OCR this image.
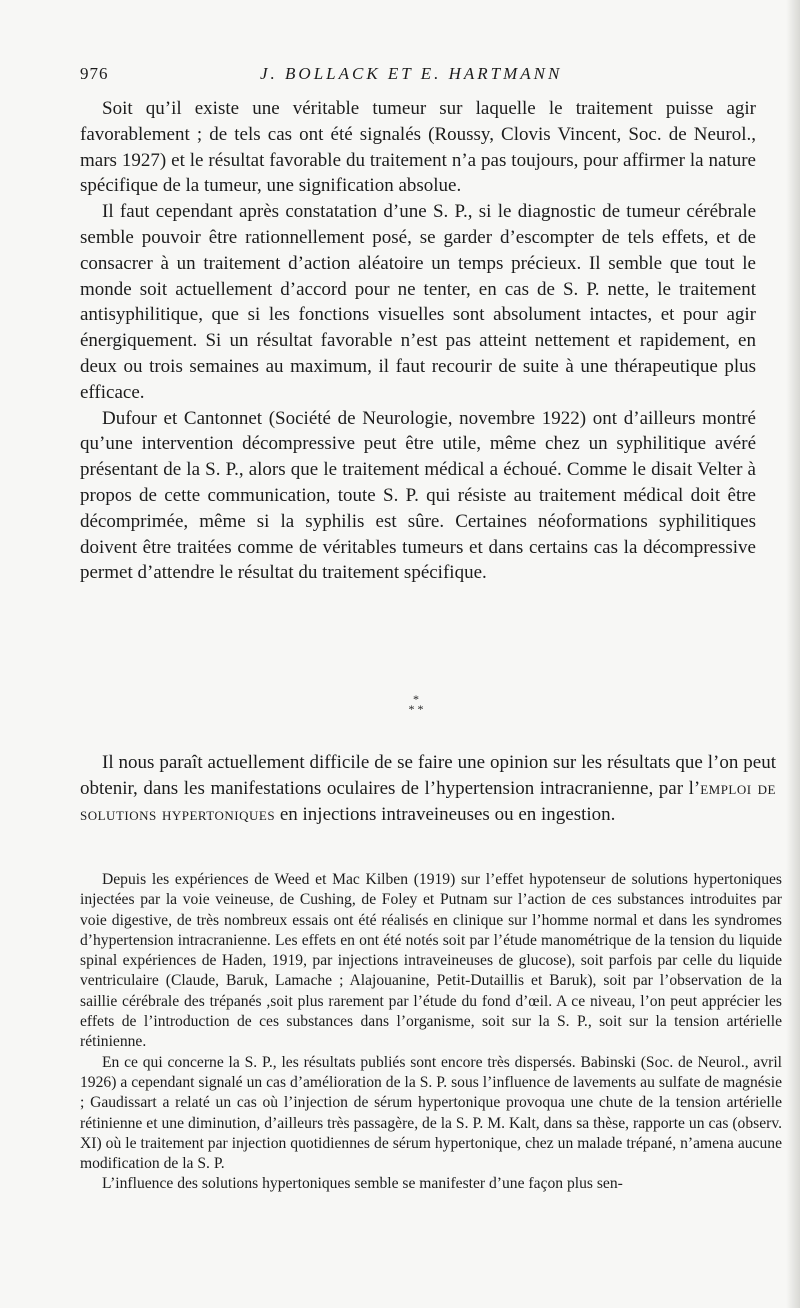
976	J. BOLLACK ET E. HARTMANN

Soit qu’il existe une véritable tumeur sur laquelle le traitement puisse agir favorablement ; de tels cas ont été signalés (Roussy, Clovis Vincent, Soc. de Neurol., mars 1927) et le résultat favorable du traitement n’a pas toujours, pour affirmer la nature spécifique de la tumeur, une signification absolue.

Il faut cependant après constatation d’une S. P., si le diagnostic de tumeur cérébrale semble pouvoir être rationnellement posé, se garder d’escompter de tels effets, et de consacrer à un traitement d’action aléatoire un temps précieux. Il semble que tout le monde soit actuellement d’accord pour ne tenter, en cas de S. P. nette, le traitement antisyphilitique, que si les fonctions visuelles sont absolument intactes, et pour agir énergiquement. Si un résultat favorable n’est pas atteint nettement et rapidement, en deux ou trois semaines au maximum, il faut recourir de suite à une thérapeutique plus efficace.

Dufour et Cantonnet (Société de Neurologie, novembre 1922) ont d’ailleurs montré qu’une intervention décompressive peut être utile, même chez un syphilitique avéré présentant de la S. P., alors que le traitement médical a échoué. Comme le disait Velter à propos de cette communication, toute S. P. qui résiste au traitement médical doit être décomprimée, même si la syphilis est sûre. Certaines néoformations syphilitiques doivent être traitées comme de véritables tumeurs et dans certains cas la décompressive permet d’attendre le résultat du traitement spécifique.

*
* *

Il nous paraît actuellement difficile de se faire une opinion sur les résultats que l’on peut obtenir, dans les manifestations oculaires de l’hypertension intracranienne, par l’emploi de solutions hypertoniques en injections intraveineuses ou en ingestion.

Depuis les expériences de Weed et Mac Kilben (1919) sur l’effet hypotenseur de solutions hypertoniques injectées par la voie veineuse, de Cushing, de Foley et Putnam sur l’action de ces substances introduites par voie digestive, de très nombreux essais ont été réalisés en clinique sur l’homme normal et dans les syndromes d’hypertension intracranienne. Les effets en ont été notés soit par l’étude manométrique de la tension du liquide spinal expériences de Haden, 1919, par injections intraveineuses de glucose), soit parfois par celle du liquide ventriculaire (Claude, Baruk, Lamache ; Alajouanine, Petit-Dutaillis et Baruk), soit par l’observation de la saillie cérébrale des trépanés ,soit plus rarement par l’étude du fond d’œil. A ce niveau, l’on peut apprécier les effets de l’introduction de ces substances dans l’organisme, soit sur la S. P., soit sur la tension artérielle rétinienne.

En ce qui concerne la S. P., les résultats publiés sont encore très dispersés. Babinski (Soc. de Neurol., avril 1926) a cependant signalé un cas d’amélioration de la S. P. sous l’influence de lavements au sulfate de magnésie ; Gaudissart a relaté un cas où l’injection de sérum hypertonique provoqua une chute de la tension artérielle rétinienne et une diminution, d’ailleurs très passagère, de la S. P. M. Kalt, dans sa thèse, rapporte un cas (observ. XI) où le traitement par injection quotidiennes de sérum hypertonique, chez un malade trépané, n’amena aucune modification de la S. P.

L’influence des solutions hypertoniques semble se manifester d’une façon plus sen-
